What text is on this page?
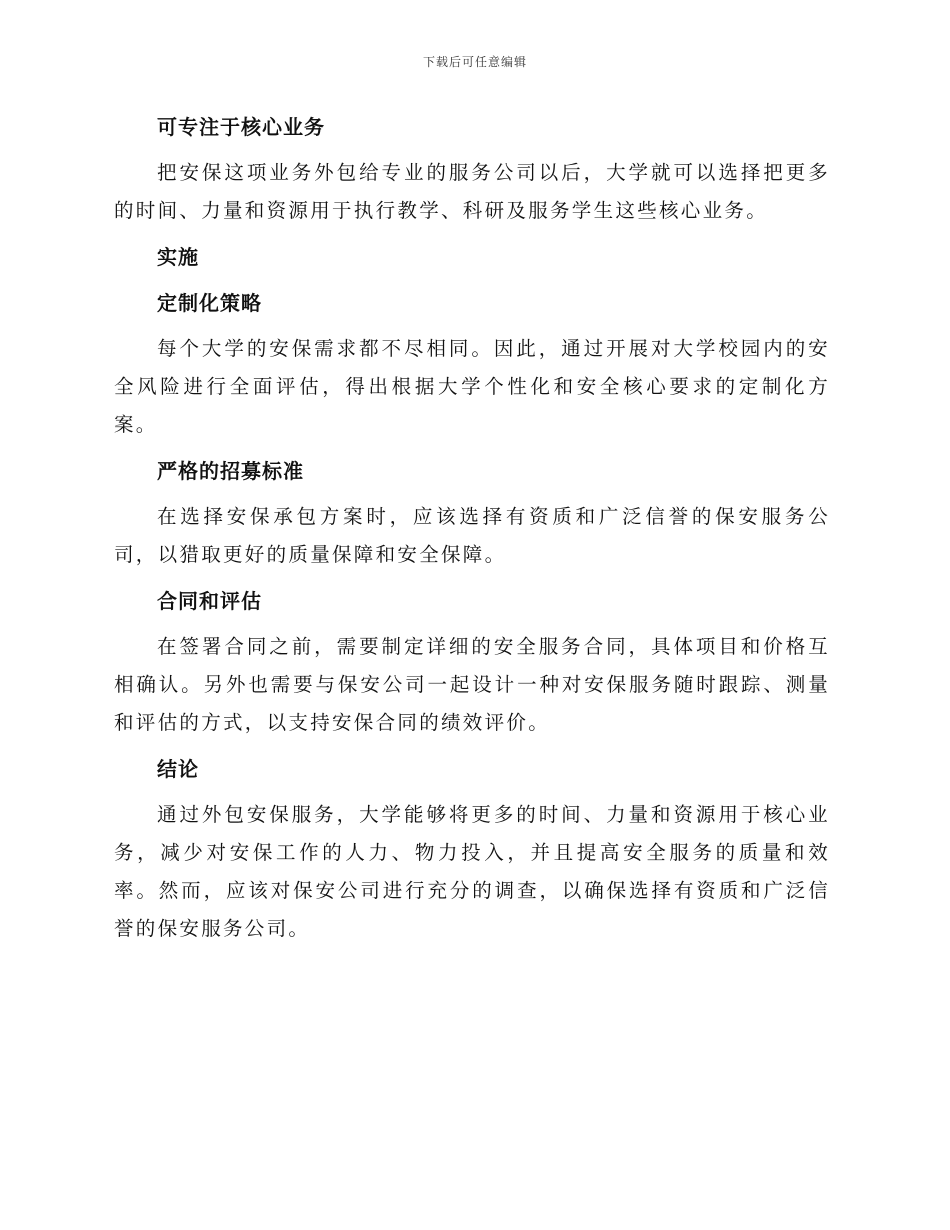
下载后可任意编辑
可专注于核心业务

把安保这项业务外包给专业的服务公司以后，大学就可以选择把更多的时间、力量和资源用于执行教学、科研及服务学生这些核心业务。

实施
定制化策略

每个大学的安保需求都不尽相同。因此，通过开展对大学校园内的安全风险进行全面评估，得出根据大学个性化和安全核心要求的定制化方案。

严格的招募标准

在选择安保承包方案时，应该选择有资质和广泛信誉的保安服务公司，以猎取更好的质量保障和安全保障。

合同和评估

在签署合同之前，需要制定详细的安全服务合同，具体项目和价格互相确认。另外也需要与保安公司一起设计一种对安保服务随时跟踪、测量和评估的方式，以支持安保合同的绩效评价。

结论

通过外包安保服务，大学能够将更多的时间、力量和资源用于核心业务，减少对安保工作的人力、物力投入，并且提高安全服务的质量和效率。然而，应该对保安公司进行充分的调查，以确保选择有资质和广泛信誉的保安服务公司。
